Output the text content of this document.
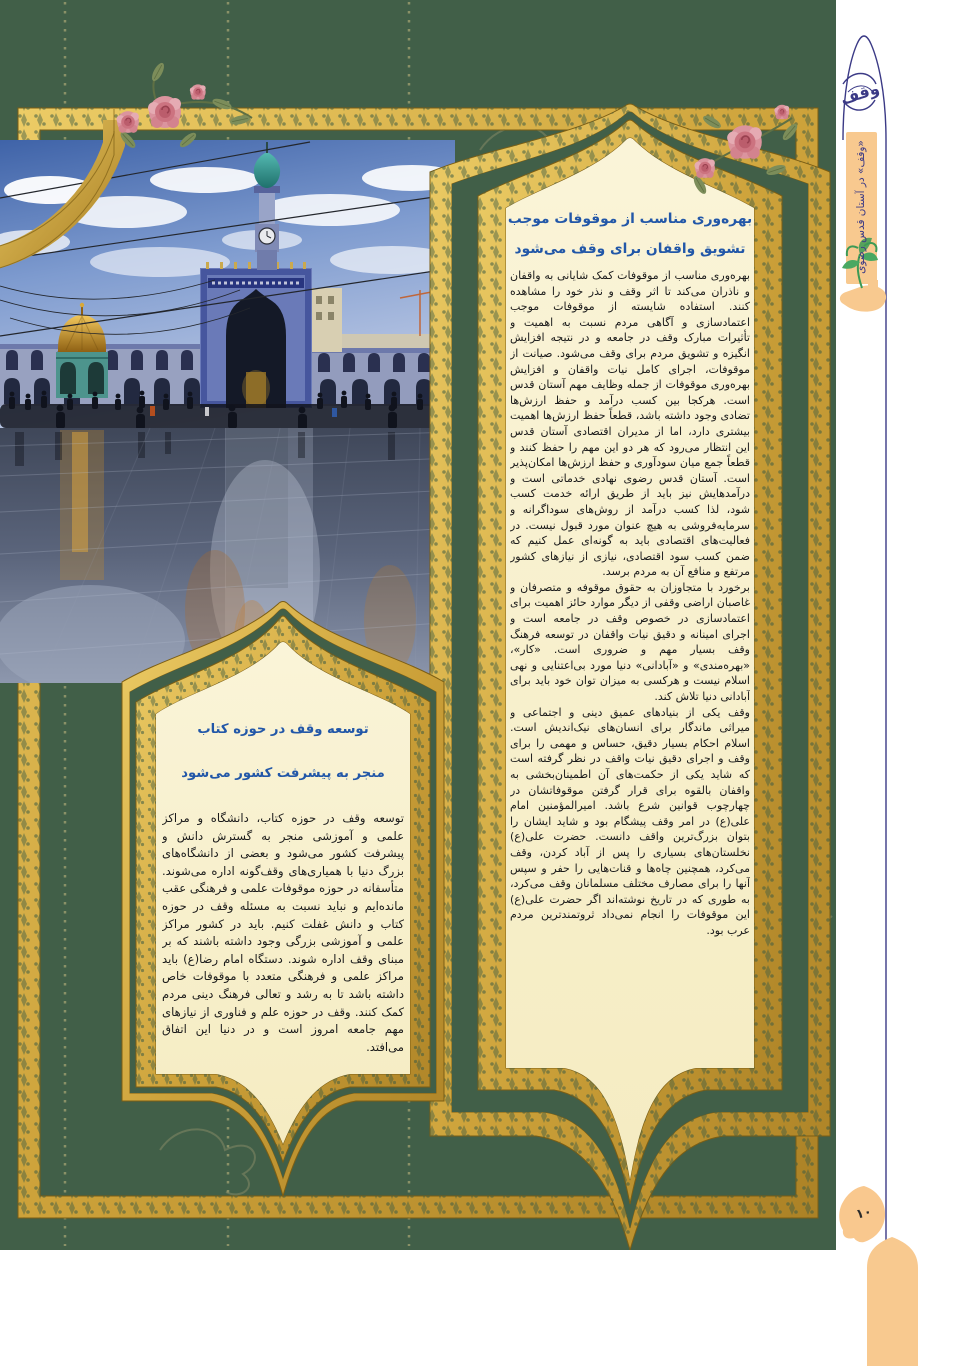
بهره‌وری مناسب از موقوفات موجب
تشویق واقفان برای وقف می‌شود

بهره‌وری مناسب از موقوفات کمک شایانی به واقفان و ناذران می‌کند تا اثر وقف و نذر خود را مشاهده کنند. استفاده شایسته از موقوفات موجب اعتمادسازی و آگاهی مردم نسبت به اهمیت و تأثیرات مبارک وقف در جامعه و در نتیجه افزایش انگیزه و تشویق مردم برای وقف می‌شود. صیانت از موقوفات، اجرای کامل نیات واقفان و افزایش بهره‌وری موقوفات از جمله وظایف مهم آستان قدس است. هرکجا بین کسب درآمد و حفظ ارزش‌ها تضادی وجود داشته باشد، قطعاً حفظ ارزش‌ها اهمیت بیشتری دارد، اما از مدیران اقتصادی آستان قدس این انتظار می‌رود که هر دو این مهم را حفظ کنند و قطعاً جمع میان سودآوری و حفظ ارزش‌ها امکان‌پذیر است. آستان قدس رضوی نهادی خدماتی است و درآمدهایش نیز باید از طریق ارائه خدمت کسب شود، لذا کسب درآمد از روش‌های سوداگرانه و سرمایه‌فروشی به هیچ عنوان مورد قبول نیست. در فعالیت‌های اقتصادی باید به گونه‌ای عمل کنیم که ضمن کسب سود اقتصادی، نیازی از نیازهای کشور مرتفع و منافع آن به مردم برسد.

برخورد با متجاوزان به حقوق موقوفه و متصرفان و غاصبان اراضی وقفی از دیگر موارد حائز اهمیت برای اعتمادسازی در خصوص وقف در جامعه است و اجرای امینانه و دقیق نیات واقفان در توسعه فرهنگ وقف بسیار مهم و ضروری است. «کار»، «بهره‌مندی» و «آبادانی» دنیا مورد بی‌اعتنایی و نهی اسلام نیست و هرکسی به میزان توان خود باید برای آبادانی دنیا تلاش کند.

وقف یکی از بنیادهای عمیق دینی و اجتماعی و میراثی ماندگار برای انسان‌های نیک‌اندیش است. اسلام احکام بسیار دقیق، حساس و مهمی را برای وقف و اجرای دقیق نیات واقف در نظر گرفته است که شاید یکی از حکمت‌های آن اطمینان‌بخشی به واقفان بالقوه برای قرار گرفتن موقوفاتشان در چهارچوب قوانین شرع باشد. امیرالمؤمنین امام علی(ع) در امر وقف پیشگام بود و شاید ایشان را بتوان بزرگ‌ترین واقف دانست. حضرت علی(ع) نخلستان‌های بسیاری را پس از آباد کردن، وقف می‌کرد، همچنین چاه‌ها و قنات‌هایی را حفر و سپس آنها را برای مصارف مختلف مسلمانان وقف می‌کرد، به طوری که در تاریخ نوشته‌اند اگر حضرت علی(ع) این موقوفات را انجام نمی‌داد ثروتمندترین مردم عرب بود.

توسعه وقف در حوزه کتاب
منجر به پیشرفت کشور می‌شود

توسعه وقف در حوزه کتاب، دانشگاه و مراکز علمی و آموزشی منجر به گسترش دانش و پیشرفت کشور می‌شود و بعضی از دانشگاه‌های بزرگ دنیا با همیاری‌های وقف‌گونه اداره می‌شوند. متأسفانه در حوزه موقوفات علمی و فرهنگی عقب مانده‌ایم و نباید نسبت به مسئله وقف در حوزه کتاب و دانش غفلت کنیم. باید در کشور مراکز علمی و آموزشی بزرگی وجود داشته باشند که بر مبنای وقف اداره شوند. دستگاه امام رضا(ع) باید مراکز علمی و فرهنگی متعدد با موقوفات خاص داشته باشد تا به رشد و تعالی فرهنگ دینی مردم کمک کنند. وقف در حوزه علم و فناوری از نیازهای مهم جامعه امروز است و در دنیا این اتفاق می‌افتد.

وقف
«وقف» در آستان قدس رضوی
۱۰
